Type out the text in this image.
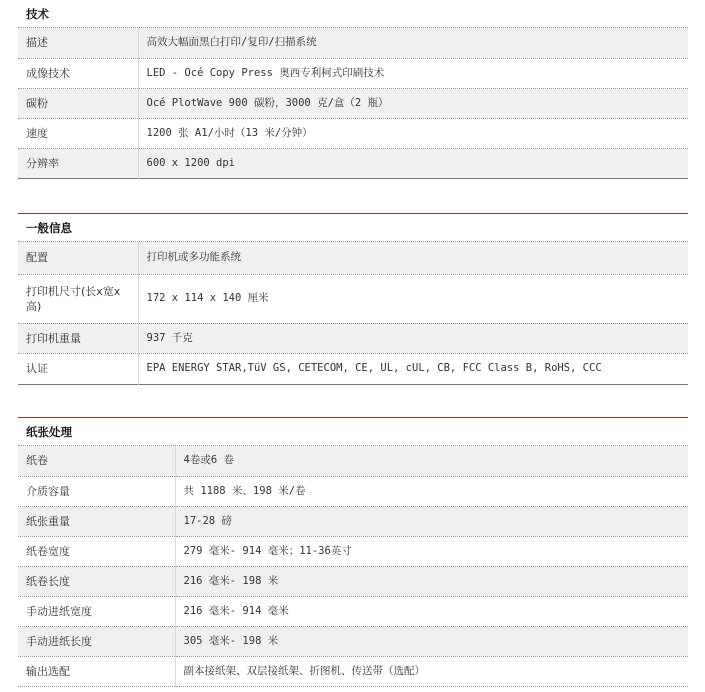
技术
描述	高效大幅面黑白打印/复印/扫描系统
成像技术	LED - Océ Copy Press 奥西专利柯式印刷技术
碳粉	Océ PlotWave 900 碳粉，3000 克/盒（2 瓶）
速度	1200 张 A1/小时（13 米/分钟）
分辨率	600 x 1200 dpi
一般信息
配置	打印机或多功能系统
打印机尺寸(长x宽x高)	172 x 114 x 140 厘米
打印机重量	937 千克
认证	EPA ENERGY STAR,TüV GS, CETECOM, CE, UL, cUL, CB, FCC Class B, RoHS, CCC
纸张处理
纸卷	4卷或6 卷
介质容量	共 1188 米、198 米/卷
纸张重量	17-28 磅
纸卷宽度	279 毫米- 914 毫米；11-36英寸
纸卷长度	216 毫米- 198 米
手动进纸宽度	216 毫米- 914 毫米
手动进纸长度	305 毫米- 198 米
输出选配	副本接纸架、双层接纸架、折图机、传送带（选配）
